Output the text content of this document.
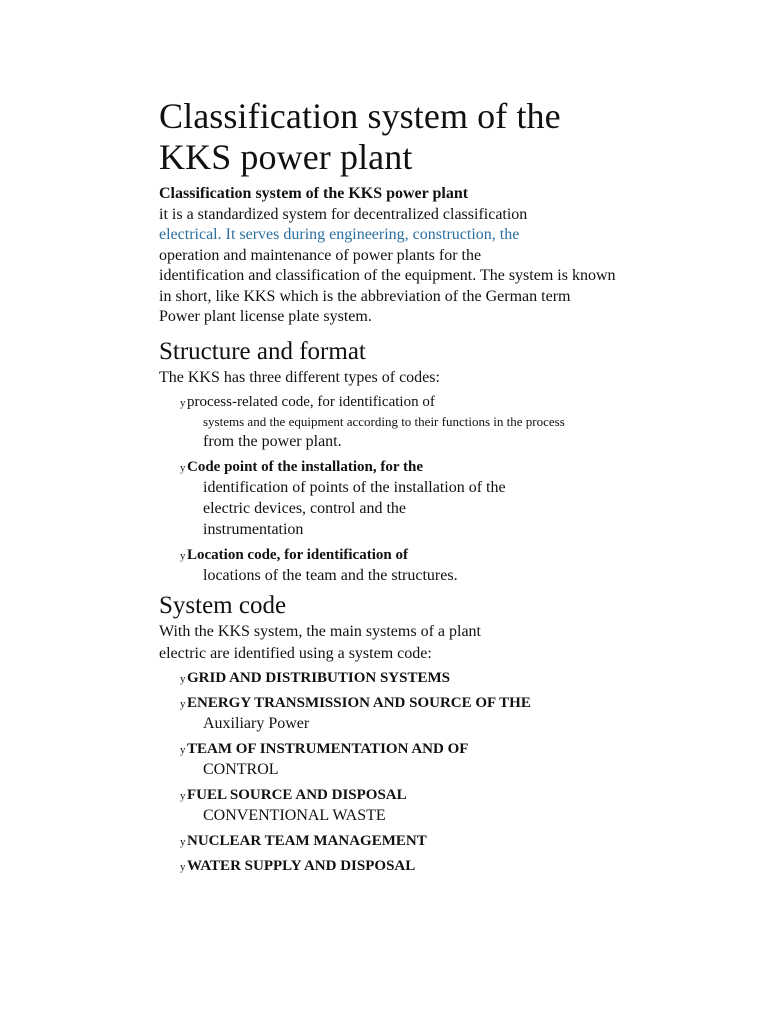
Classification system of the
KKS power plant
Classification system of the KKS power plant
it is a standardized system for decentralized classification
electrical. It serves during engineering, construction, the
operation and maintenance of power plants for the
identification and classification of the equipment. The system is known
in short, like KKS which is the abbreviation of the German term
Power plant license plate system.
Structure and format
The KKS has three different types of codes:
y process-related code, for identification of
systems and the equipment according to their functions in the process
from the power plant.
y Code point of the installation, for the
identification of points of the installation of the
electric devices, control and the
instrumentation
y Location code, for identification of
locations of the team and the structures.
System code
With the KKS system, the main systems of a plant
electric are identified using a system code:
y GRID AND DISTRIBUTION SYSTEMS
y ENERGY TRANSMISSION AND SOURCE OF THE
Auxiliary Power
y TEAM OF INSTRUMENTATION AND OF
CONTROL
y FUEL SOURCE AND DISPOSAL
CONVENTIONAL WASTE
y NUCLEAR TEAM MANAGEMENT
y WATER SUPPLY AND DISPOSAL
